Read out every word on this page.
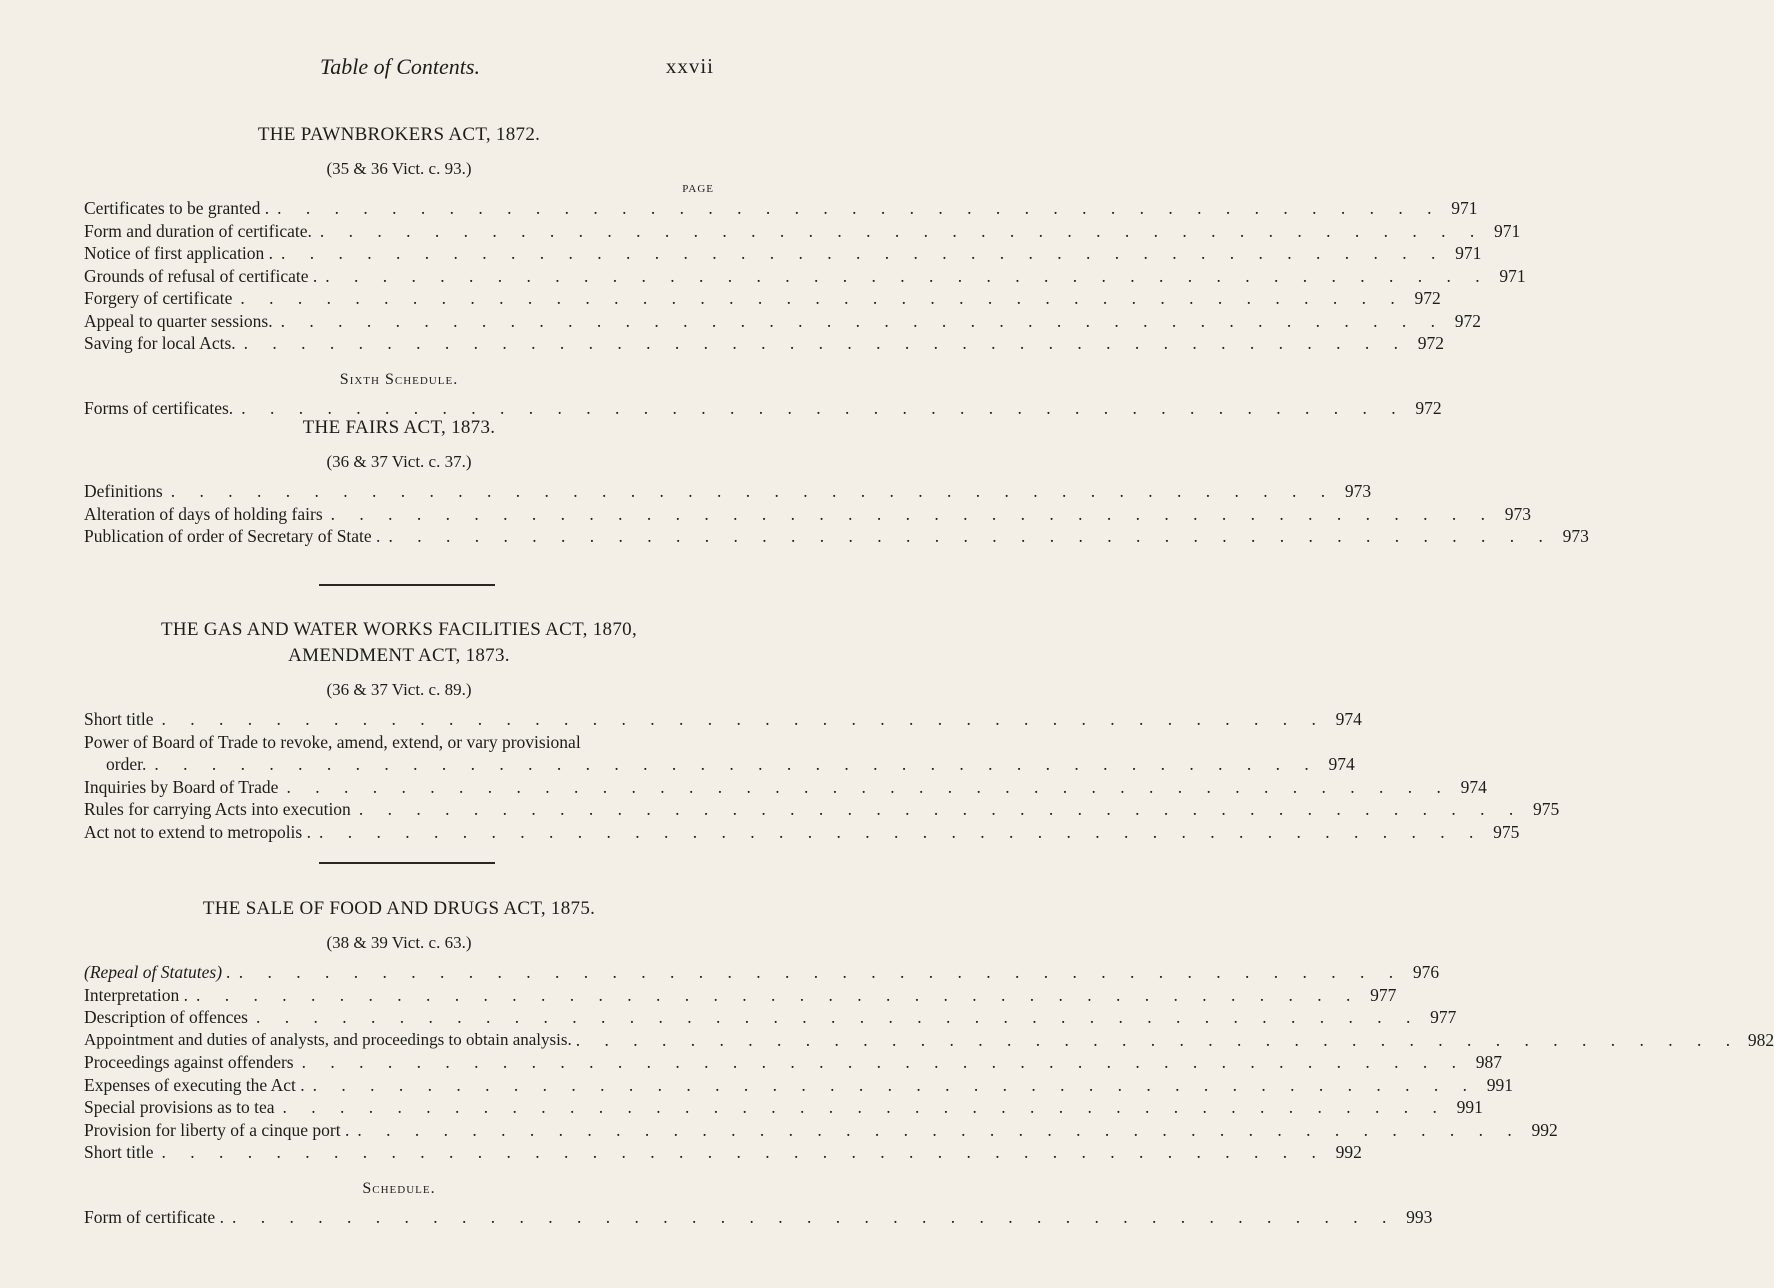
Table of Contents.	xxvii
THE PAWNBROKERS ACT, 1872.
(35 & 36 Vict. c. 93.)
PAGE
Certificates to be granted . . . . . . . . . . . . . . . . . . . . . . . . . . . . . . . . . . . . . . . . . . 971
Form and duration of certificate. . . . . . . . . . . . . . . . . . . . . . . . . . . . . . . . . . . . . . . . . . 971
Notice of first application . . . . . . . . . . . . . . . . . . . . . . . . . . . . . . . . . . . . . . . . . . 971
Grounds of refusal of certificate . . . . . . . . . . . . . . . . . . . . . . . . . . . . . . . . . . . . . . . . . . 971
Forgery of certificate . . . . . . . . . . . . . . . . . . . . . . . . . . . . . . . . . . . . . . . . . 972
Appeal to quarter sessions. . . . . . . . . . . . . . . . . . . . . . . . . . . . . . . . . . . . . . . . . . 972
Saving for local Acts. . . . . . . . . . . . . . . . . . . . . . . . . . . . . . . . . . . . . . . . . . 972
Sixth Schedule.
Forms of certificates. . . . . . . . . . . . . . . . . . . . . . . . . . . . . . . . . . . . . . . . . . 972
THE FAIRS ACT, 1873.
(36 & 37 Vict. c. 37.)
Definitions . . . . . . . . . . . . . . . . . . . . . . . . . . . . . . . . . . . . . . . . . 973
Alteration of days of holding fairs . . . . . . . . . . . . . . . . . . . . . . . . . . . . . . . . . . . . . . . . . 973
Publication of order of Secretary of State . . . . . . . . . . . . . . . . . . . . . . . . . . . . . . . . . . . . . . . . . . 973
THE GAS AND WATER WORKS FACILITIES ACT, 1870,
AMENDMENT ACT, 1873.
(36 & 37 Vict. c. 89.)
Short title . . . . . . . . . . . . . . . . . . . . . . . . . . . . . . . . . . . . . . . . . 974
Power of Board of Trade to revoke, amend, extend, or vary provisional
order. . . . . . . . . . . . . . . . . . . . . . . . . . . . . . . . . . . . . . . . . . 974
Inquiries by Board of Trade . . . . . . . . . . . . . . . . . . . . . . . . . . . . . . . . . . . . . . . . . 974
Rules for carrying Acts into execution . . . . . . . . . . . . . . . . . . . . . . . . . . . . . . . . . . . . . . . . . 975
Act not to extend to metropolis . . . . . . . . . . . . . . . . . . . . . . . . . . . . . . . . . . . . . . . . . . 975
THE SALE OF FOOD AND DRUGS ACT, 1875.
(38 & 39 Vict. c. 63.)
(Repeal of Statutes) . . . . . . . . . . . . . . . . . . . . . . . . . . . . . . . . . . . . . . . . . . 976
Interpretation . . . . . . . . . . . . . . . . . . . . . . . . . . . . . . . . . . . . . . . . . . 977
Description of offences . . . . . . . . . . . . . . . . . . . . . . . . . . . . . . . . . . . . . . . . . 977
Appointment and duties of analysts, and proceedings to obtain analysis. . . . . . . . . . . . . . . . . . . . . . . . . . . . . . . . . . . . . . . . . . 982
Proceedings against offenders . . . . . . . . . . . . . . . . . . . . . . . . . . . . . . . . . . . . . . . . . 987
Expenses of executing the Act . . . . . . . . . . . . . . . . . . . . . . . . . . . . . . . . . . . . . . . . . . 991
Special provisions as to tea . . . . . . . . . . . . . . . . . . . . . . . . . . . . . . . . . . . . . . . . . 991
Provision for liberty of a cinque port . . . . . . . . . . . . . . . . . . . . . . . . . . . . . . . . . . . . . . . . . . 992
Short title . . . . . . . . . . . . . . . . . . . . . . . . . . . . . . . . . . . . . . . . . 992
Schedule.
Form of certificate . . . . . . . . . . . . . . . . . . . . . . . . . . . . . . . . . . . . . . . . . . 993
